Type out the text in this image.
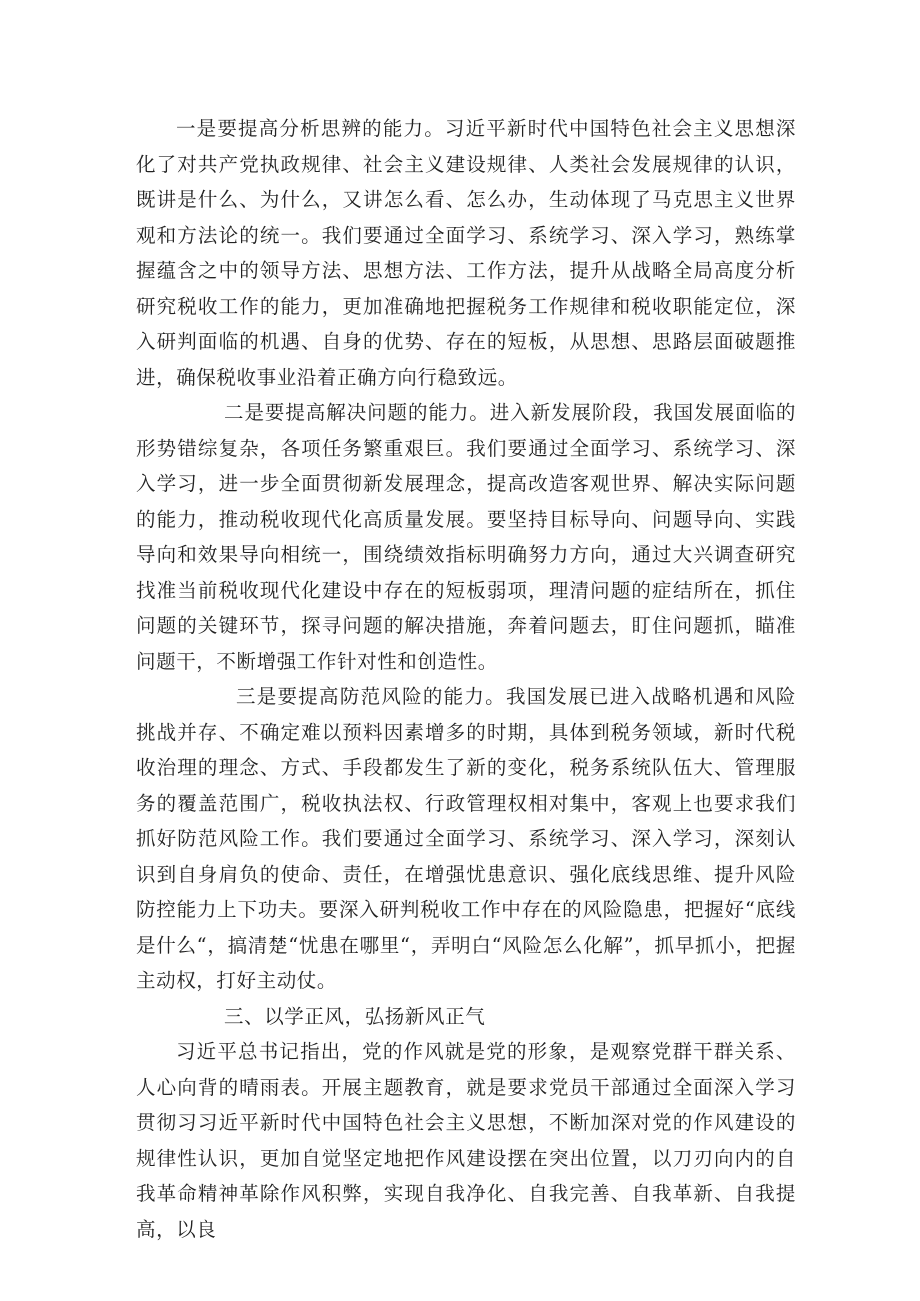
一是要提高分析思辨的能力。习近平新时代中国特色社会主义思想深化了对共产党执政规律、社会主义建设规律、人类社会发展规律的认识，既讲是什么、为什么，又讲怎么看、怎么办，生动体现了马克思主义世界观和方法论的统一。我们要通过全面学习、系统学习、深入学习，熟练掌握蕴含之中的领导方法、思想方法、工作方法，提升从战略全局高度分析研究税收工作的能力，更加准确地把握税务工作规律和税收职能定位，深入研判面临的机遇、自身的优势、存在的短板，从思想、思路层面破题推进，确保税收事业沿着正确方向行稳致远。

二是要提高解决问题的能力。进入新发展阶段，我国发展面临的形势错综复杂，各项任务繁重艰巨。我们要通过全面学习、系统学习、深入学习，进一步全面贯彻新发展理念，提高改造客观世界、解决实际问题的能力，推动税收现代化高质量发展。要坚持目标导向、问题导向、实践导向和效果导向相统一，围绕绩效指标明确努力方向，通过大兴调查研究找准当前税收现代化建设中存在的短板弱项，理清问题的症结所在，抓住问题的关键环节，探寻问题的解决措施，奔着问题去，盯住问题抓，瞄准问题干，不断增强工作针对性和创造性。

三是要提高防范风险的能力。我国发展已进入战略机遇和风险挑战并存、不确定难以预料因素增多的时期，具体到税务领域，新时代税收治理的理念、方式、手段都发生了新的变化，税务系统队伍大、管理服务的覆盖范围广，税收执法权、行政管理权相对集中，客观上也要求我们抓好防范风险工作。我们要通过全面学习、系统学习、深入学习，深刻认识到自身肩负的使命、责任，在增强忧患意识、强化底线思维、提升风险防控能力上下功夫。要深入研判税收工作中存在的风险隐患，把握好“底线是什么“，搞清楚“忧患在哪里“，弄明白“风险怎么化解”，抓早抓小，把握主动权，打好主动仗。

三、以学正风，弘扬新风正气

习近平总书记指出，党的作风就是党的形象，是观察党群干群关系、人心向背的晴雨表。开展主题教育，就是要求党员干部通过全面深入学习贯彻习习近平新时代中国特色社会主义思想，不断加深对党的作风建设的规律性认识，更加自觉坚定地把作风建设摆在突出位置，以刀刃向内的自我革命精神革除作风积弊，实现自我净化、自我完善、自我革新、自我提高，以良
